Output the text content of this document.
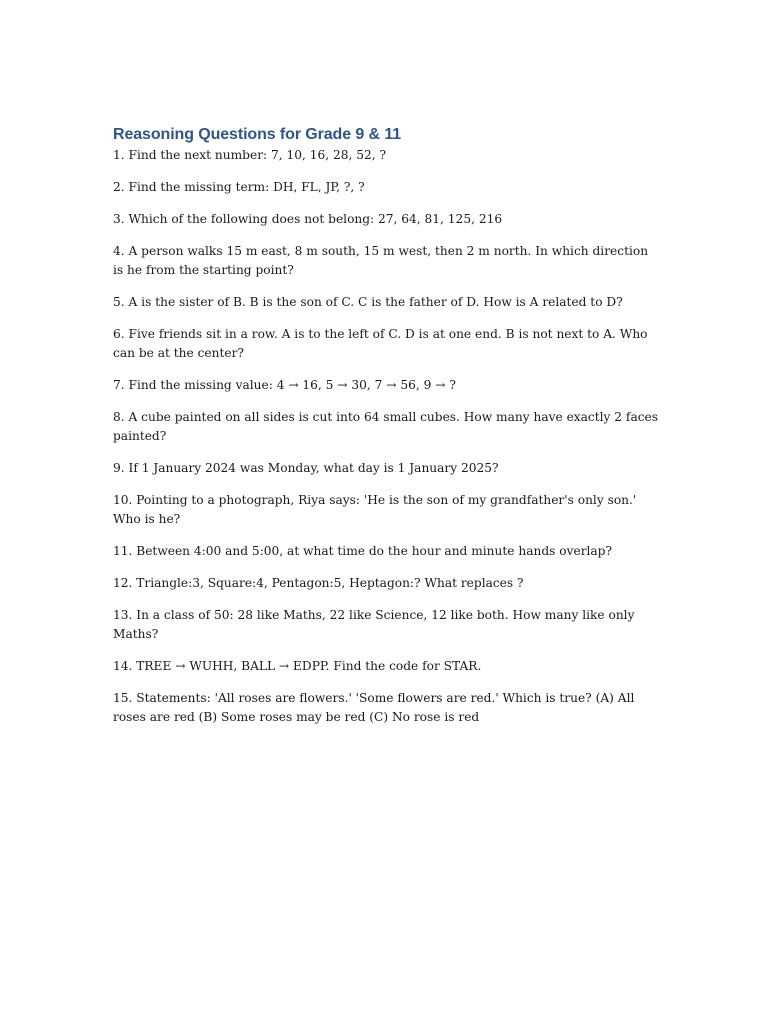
Reasoning Questions for Grade 9 & 11
1. Find the next number: 7, 10, 16, 28, 52, ?
2. Find the missing term: DH, FL, JP, ?, ?
3. Which of the following does not belong: 27, 64, 81, 125, 216
4. A person walks 15 m east, 8 m south, 15 m west, then 2 m north. In which direction is he from the starting point?
5. A is the sister of B. B is the son of C. C is the father of D. How is A related to D?
6. Five friends sit in a row. A is to the left of C. D is at one end. B is not next to A. Who can be at the center?
7. Find the missing value: 4 → 16, 5 → 30, 7 → 56, 9 → ?
8. A cube painted on all sides is cut into 64 small cubes. How many have exactly 2 faces painted?
9. If 1 January 2024 was Monday, what day is 1 January 2025?
10. Pointing to a photograph, Riya says: 'He is the son of my grandfather's only son.' Who is he?
11. Between 4:00 and 5:00, at what time do the hour and minute hands overlap?
12. Triangle:3, Square:4, Pentagon:5, Heptagon:? What replaces ?
13. In a class of 50: 28 like Maths, 22 like Science, 12 like both. How many like only Maths?
14. TREE → WUHH, BALL → EDPP. Find the code for STAR.
15. Statements: 'All roses are flowers.' 'Some flowers are red.' Which is true? (A) All roses are red (B) Some roses may be red (C) No rose is red
